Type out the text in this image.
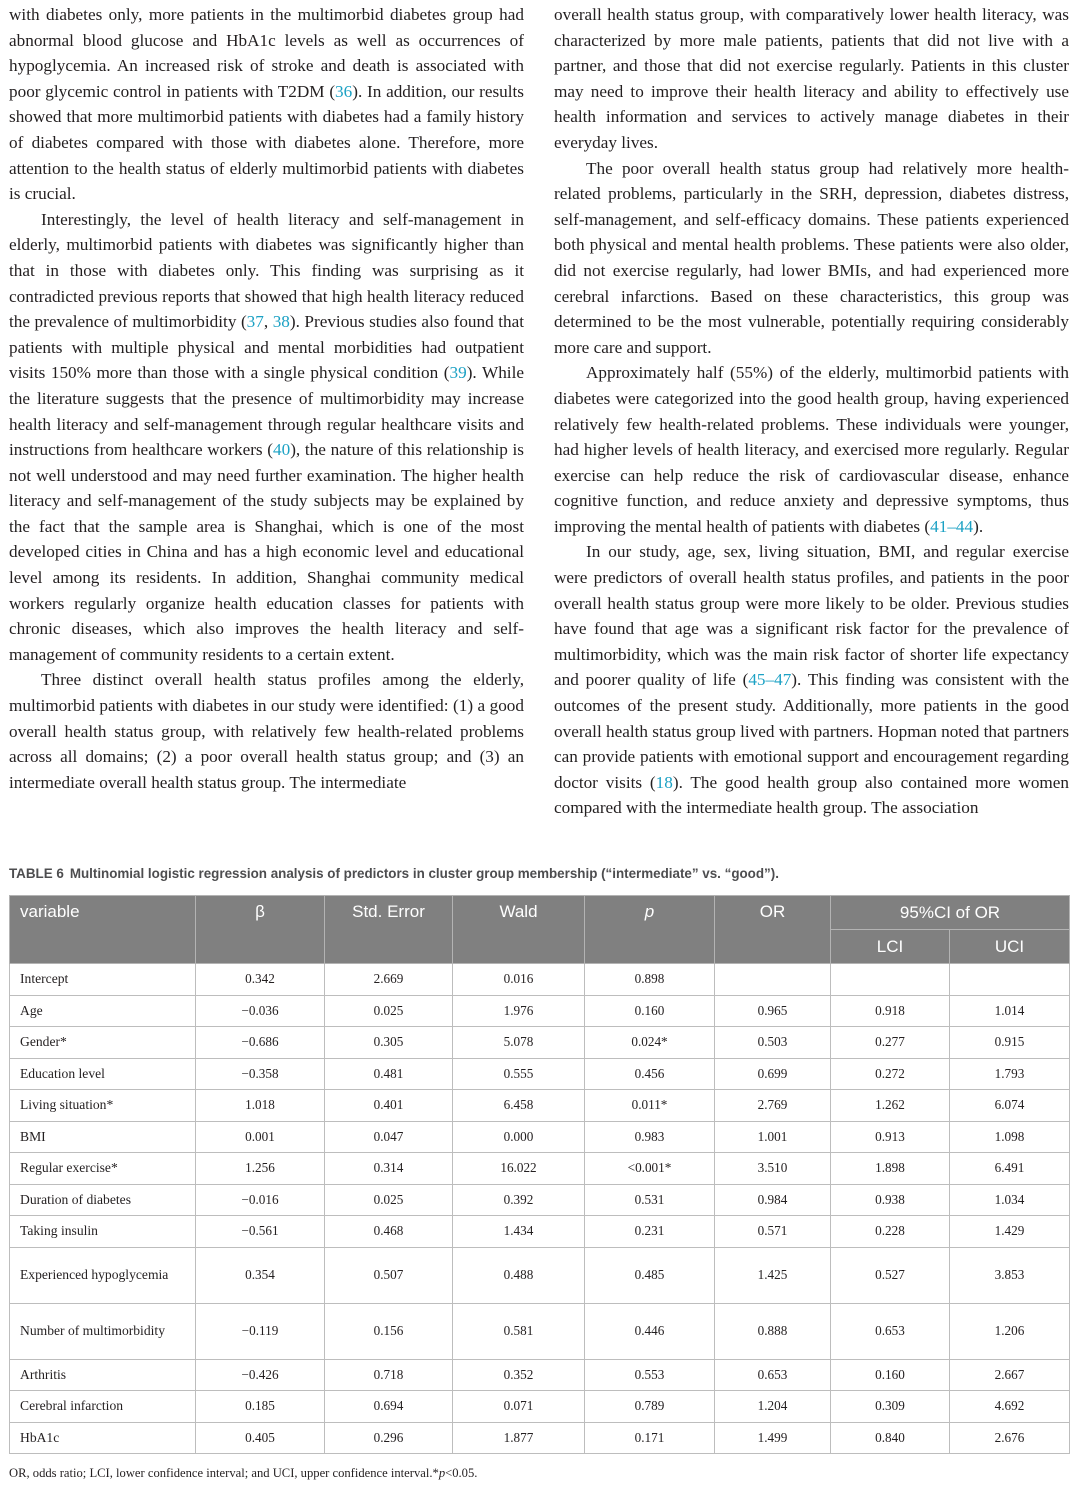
with diabetes only, more patients in the multimorbid diabetes group had abnormal blood glucose and HbA1c levels as well as occurrences of hypoglycemia. An increased risk of stroke and death is associated with poor glycemic control in patients with T2DM (36). In addition, our results showed that more multimorbid patients with diabetes had a family history of diabetes compared with those with diabetes alone. Therefore, more attention to the health status of elderly multimorbid patients with diabetes is crucial.

Interestingly, the level of health literacy and self-management in elderly, multimorbid patients with diabetes was significantly higher than that in those with diabetes only. This finding was surprising as it contradicted previous reports that showed that high health literacy reduced the prevalence of multimorbidity (37, 38). Previous studies also found that patients with multiple physical and mental morbidities had outpatient visits 150% more than those with a single physical condition (39). While the literature suggests that the presence of multimorbidity may increase health literacy and self-management through regular healthcare visits and instructions from healthcare workers (40), the nature of this relationship is not well understood and may need further examination. The higher health literacy and self-management of the study subjects may be explained by the fact that the sample area is Shanghai, which is one of the most developed cities in China and has a high economic level and educational level among its residents. In addition, Shanghai community medical workers regularly organize health education classes for patients with chronic diseases, which also improves the health literacy and self-management of community residents to a certain extent.

Three distinct overall health status profiles among the elderly, multimorbid patients with diabetes in our study were identified: (1) a good overall health status group, with relatively few health-related problems across all domains; (2) a poor overall health status group; and (3) an intermediate overall health status group. The intermediate

overall health status group, with comparatively lower health literacy, was characterized by more male patients, patients that did not live with a partner, and those that did not exercise regularly. Patients in this cluster may need to improve their health literacy and ability to effectively use health information and services to actively manage diabetes in their everyday lives.

The poor overall health status group had relatively more health-related problems, particularly in the SRH, depression, diabetes distress, self-management, and self-efficacy domains. These patients experienced both physical and mental health problems. These patients were also older, did not exercise regularly, had lower BMIs, and had experienced more cerebral infarctions. Based on these characteristics, this group was determined to be the most vulnerable, potentially requiring considerably more care and support.

Approximately half (55%) of the elderly, multimorbid patients with diabetes were categorized into the good health group, having experienced relatively few health-related problems. These individuals were younger, had higher levels of health literacy, and exercised more regularly. Regular exercise can help reduce the risk of cardiovascular disease, enhance cognitive function, and reduce anxiety and depressive symptoms, thus improving the mental health of patients with diabetes (41–44).

In our study, age, sex, living situation, BMI, and regular exercise were predictors of overall health status profiles, and patients in the poor overall health status group were more likely to be older. Previous studies have found that age was a significant risk factor for the prevalence of multimorbidity, which was the main risk factor of shorter life expectancy and poorer quality of life (45–47). This finding was consistent with the outcomes of the present study. Additionally, more patients in the good overall health status group lived with partners. Hopman noted that partners can provide patients with emotional support and encouragement regarding doctor visits (18). The good health group also contained more women compared with the intermediate health group. The association

TABLE 6 Multinomial logistic regression analysis of predictors in cluster group membership (“intermediate” vs. “good”).
variable	β	Std. Error	Wald	p	OR	95%CI of OR	
						LCI	UCI
Intercept	0.342	2.669	0.016	0.898			
Age	−0.036	0.025	1.976	0.160	0.965	0.918	1.014
Gender*	−0.686	0.305	5.078	0.024*	0.503	0.277	0.915
Education level	−0.358	0.481	0.555	0.456	0.699	0.272	1.793
Living situation*	1.018	0.401	6.458	0.011*	2.769	1.262	6.074
BMI	0.001	0.047	0.000	0.983	1.001	0.913	1.098
Regular exercise*	1.256	0.314	16.022	<0.001*	3.510	1.898	6.491
Duration of diabetes	−0.016	0.025	0.392	0.531	0.984	0.938	1.034
Taking insulin	−0.561	0.468	1.434	0.231	0.571	0.228	1.429
Experienced hypoglycemia	0.354	0.507	0.488	0.485	1.425	0.527	3.853
Number of multimorbidity	−0.119	0.156	0.581	0.446	0.888	0.653	1.206
Arthritis	−0.426	0.718	0.352	0.553	0.653	0.160	2.667
Cerebral infarction	0.185	0.694	0.071	0.789	1.204	0.309	4.692
HbA1c	0.405	0.296	1.877	0.171	1.499	0.840	2.676
OR, odds ratio; LCI, lower confidence interval; and UCI, upper confidence interval.*p<0.05.
